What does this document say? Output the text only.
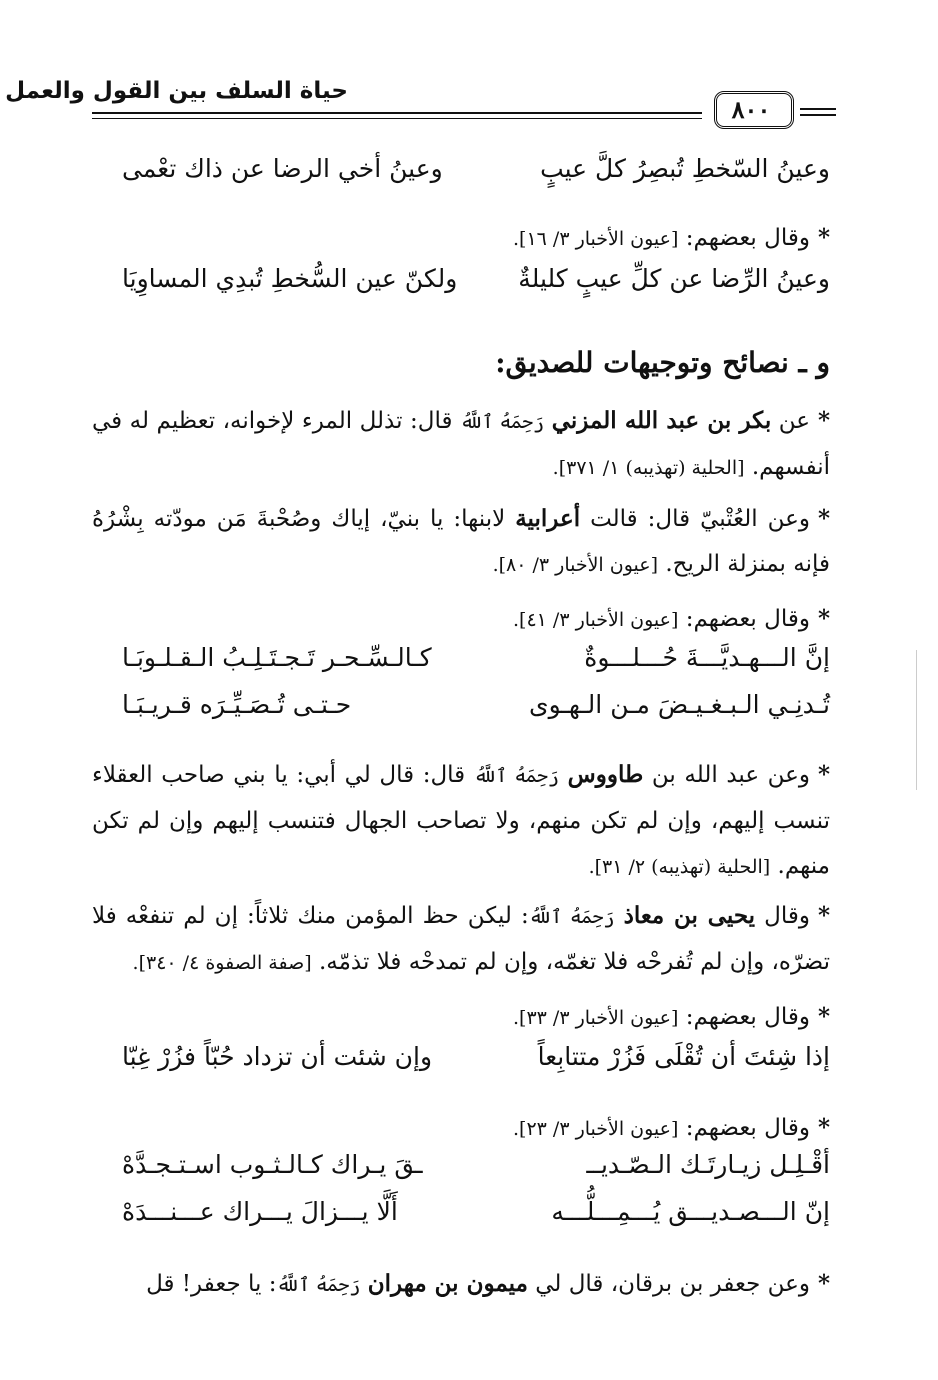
حياة السلف بين القول والعمل
٨٠٠
وعينُ السّخطِ تُبصِرُ كلَّ عيبٍ
وعينُ أخي الرضا عن ذاك تعْمى
*وقال بعضهم: [عيون الأخبار ٣/ ١٦].
وعينُ الرِّضا عن كلِّ عيبٍ كليلةٌ
ولكنّ عين السُّخطِ تُبدِي المساوِيَا
و ـ نصائح وتوجيهات للصديق:
*عن بكر بن عبد الله المزني رَحِمَهُ ٱللَّهُ قال: تذلل المرء لإخوانه، تعظيم له في أنفسهم. [الحلية (تهذيبه) ١/ ٣٧١].
*وعن العُتْبيّ قال: قالت أعرابية لابنها: يا بنيّ، إياك وصُحْبةَ مَن مودّته بِشْرُهُ فإنه بمنزلة الريح. [عيون الأخبار ٣/ ٨٠].
*وقال بعضهم: [عيون الأخبار ٣/ ٤١].
إنَّ الـــهـديَّـــةَ حُـــلـــوةٌ
كـالـسِّـحـر تَـجـتَـلِـبُ الـقـلـوبَـا
تُـدنِـي الـبـغـيـضَ مـن الـهـوى
حـتـى تُـصَـيِّـرَه قـريـبَـا
*وعن عبد الله بن طاووس رَحِمَهُ ٱللَّهُ قال: قال لي أبي: يا بني صاحب العقلاء تنسب إليهم، وإن لم تكن منهم، ولا تصاحب الجهال فتنسب إليهم وإن لم تكن منهم. [الحلية (تهذيبه) ٢/ ٣١].
*وقال يحيى بن معاذ رَحِمَهُ ٱللَّهُ: ليكن حظ المؤمن منك ثلاثاً: إن لم تنفعْه فلا تضرّه، وإن لم تُفرحْه فلا تغمّه، وإن لم تمدحْه فلا تذمّه. [صفة الصفوة ٤/ ٣٤٠].
*وقال بعضهم: [عيون الأخبار ٣/ ٣٣].
إذا شِئتَ أن تُقْلَى فَزُرْ متتابِعاً
وإن شئت أن تزداد حُبّاً فزُرْ غِبّا
*وقال بعضهم: [عيون الأخبار ٣/ ٢٣].
أقْـلِـل زيـارتَـك الـصّـديــ
ـقَ يـراك كـالـثـوب اسـتـجـدَّهْ
إنّ الـــصـديـــق يُـــمِـــلُّـــه
أَلَّا يـــزالَ يـــراك عـــنـــدَهْ
*وعن جعفر بن برقان، قال لي ميمون بن مهران رَحِمَهُ ٱللَّهُ: يا جعفر! قل
